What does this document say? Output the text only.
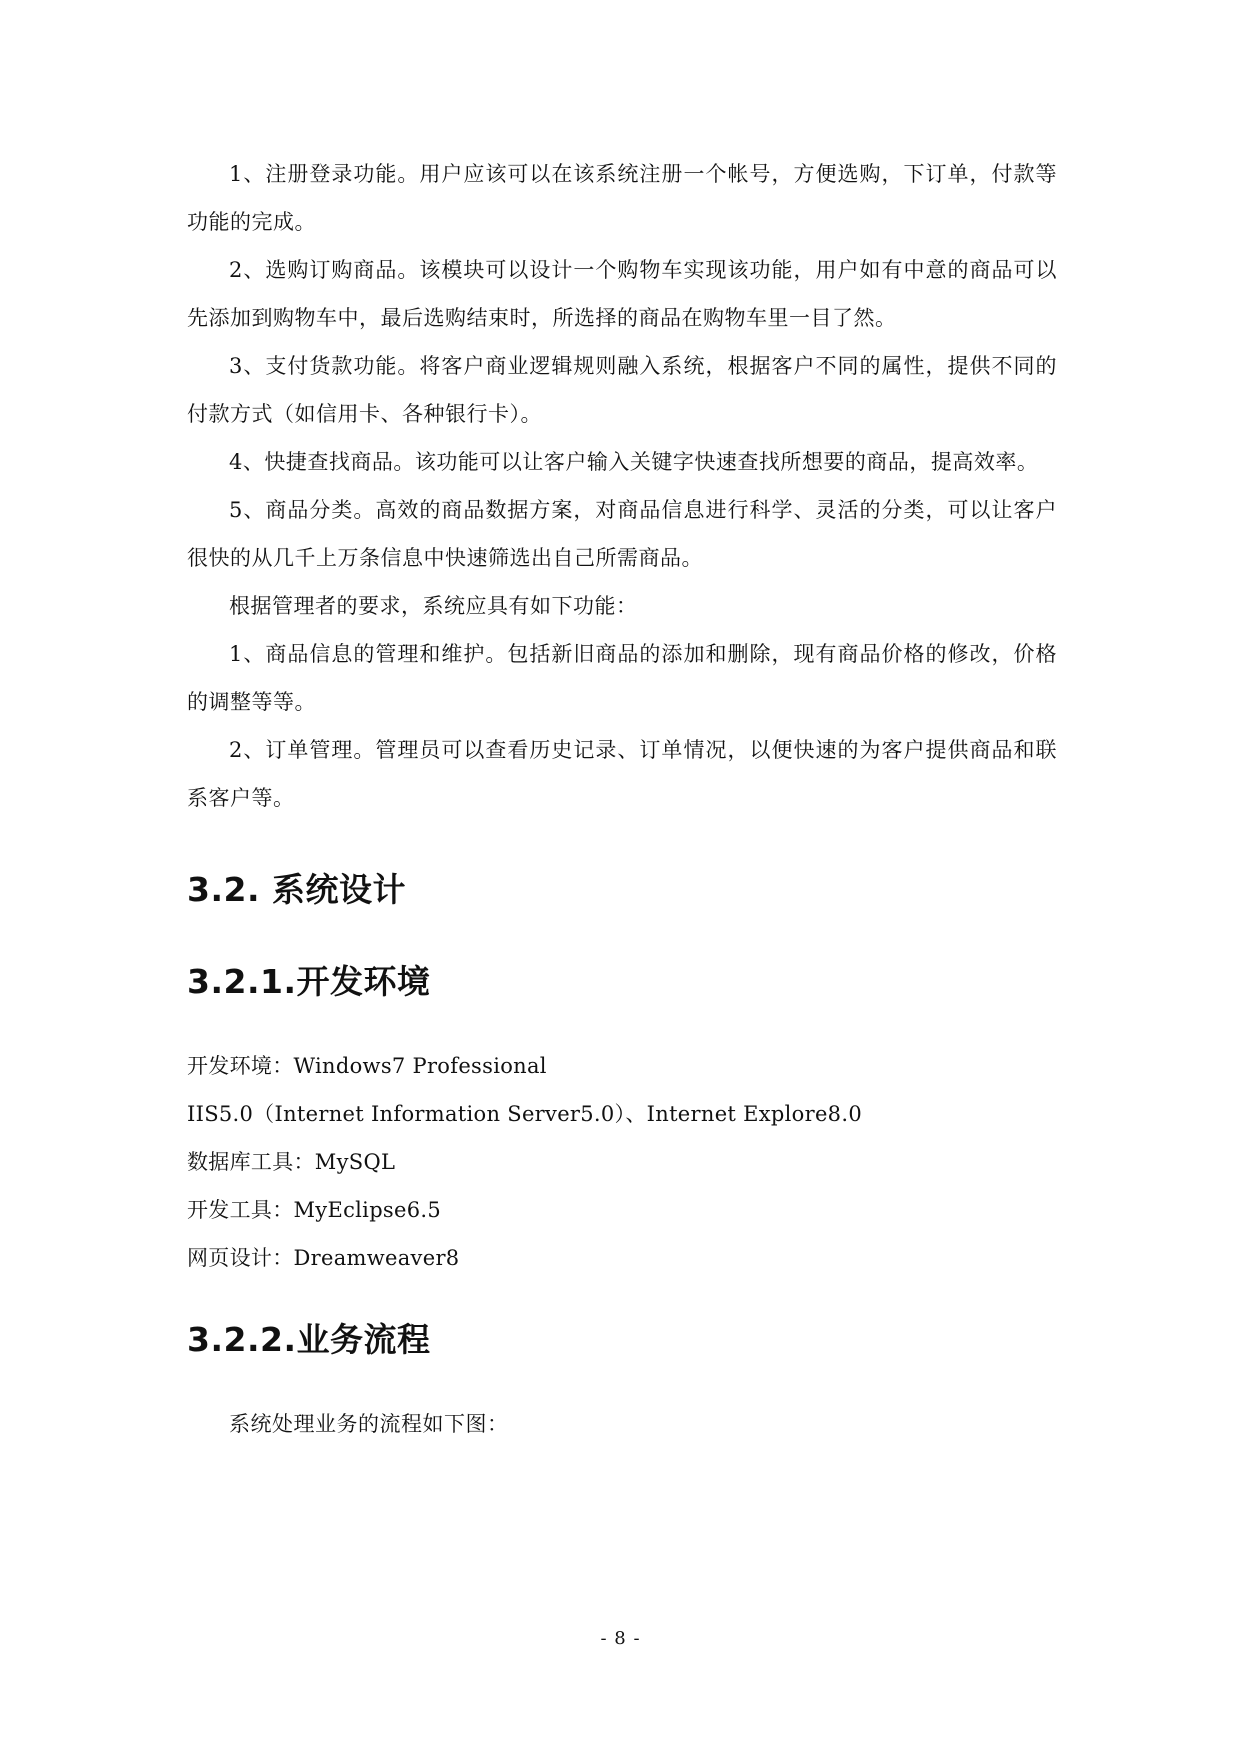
1、注册登录功能。用户应该可以在该系统注册一个帐号，方便选购，下订单，付款等功能的完成。

2、选购订购商品。该模块可以设计一个购物车实现该功能，用户如有中意的商品可以先添加到购物车中，最后选购结束时，所选择的商品在购物车里一目了然。

3、支付货款功能。将客户商业逻辑规则融入系统，根据客户不同的属性，提供不同的付款方式（如信用卡、各种银行卡）。

4、快捷查找商品。该功能可以让客户输入关键字快速查找所想要的商品，提高效率。

5、商品分类。高效的商品数据方案，对商品信息进行科学、灵活的分类，可以让客户很快的从几千上万条信息中快速筛选出自己所需商品。

根据管理者的要求，系统应具有如下功能：

1、商品信息的管理和维护。包括新旧商品的添加和删除，现有商品价格的修改，价格的调整等等。

2、订单管理。管理员可以查看历史记录、订单情况，以便快速的为客户提供商品和联系客户等。

3.2. 系统设计
3.2.1.开发环境

开发环境：Windows7 Professional

IIS5.0（Internet Information Server5.0）、Internet Explore8.0

数据库工具：MySQL

开发工具：MyEclipse6.5

网页设计：Dreamweaver8

3.2.2.业务流程

系统处理业务的流程如下图：

- 8 -
